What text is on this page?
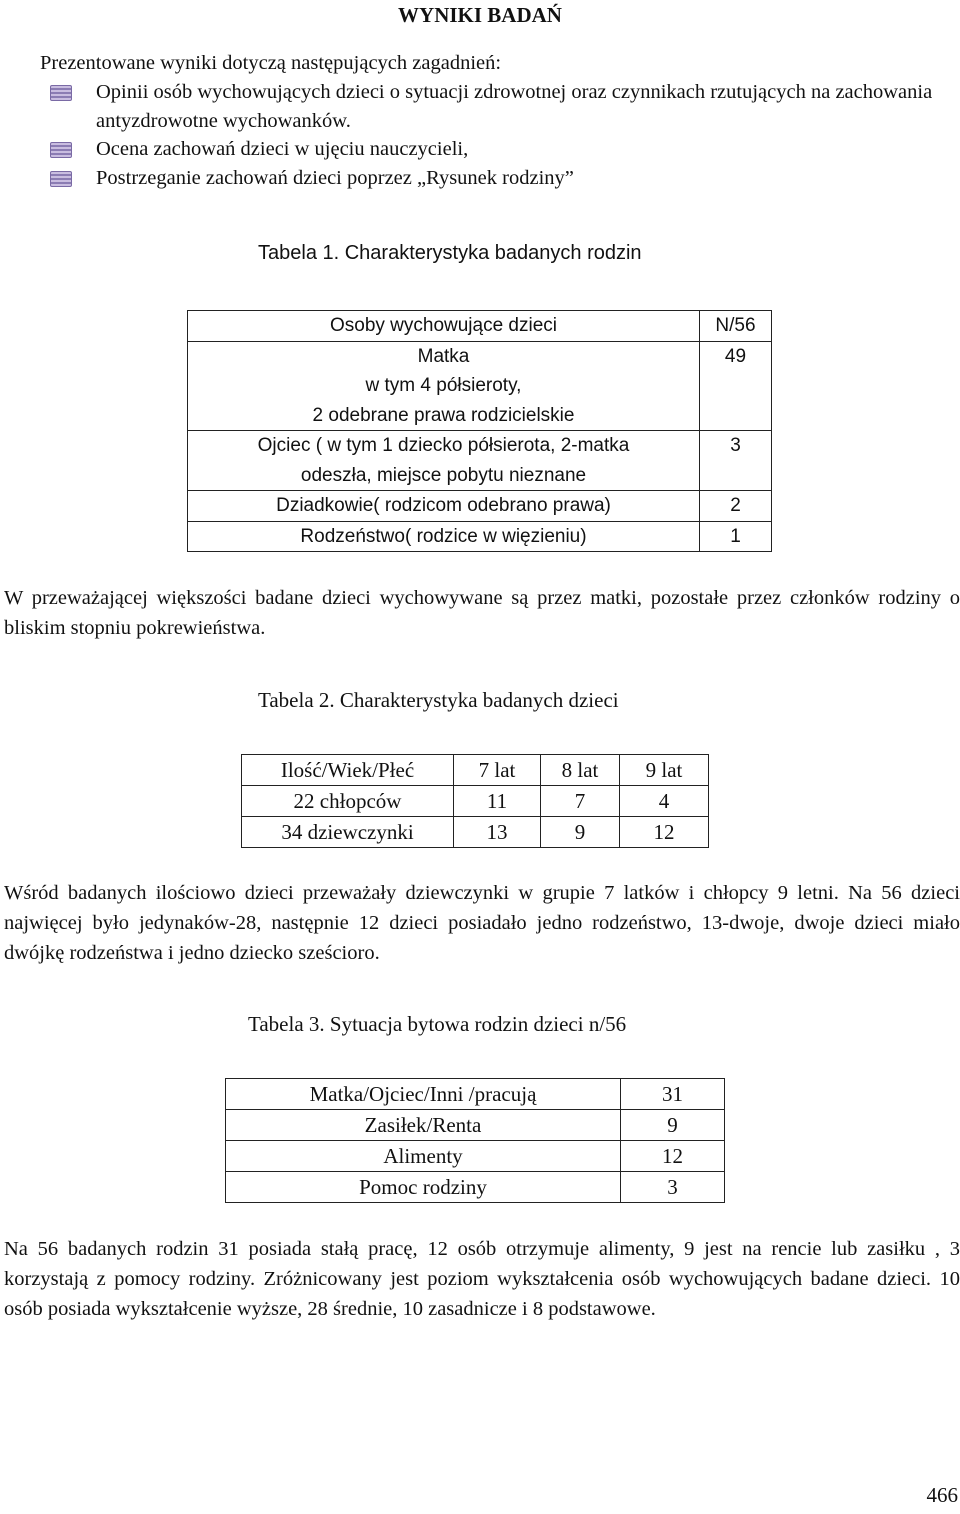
WYNIKI BADAŃ
Prezentowane wyniki dotyczą następujących zagadnień:
Opinii osób wychowujących dzieci o sytuacji zdrowotnej oraz czynnikach rzutujących na zachowania antyzdrowotne wychowanków.
Ocena zachowań dzieci w ujęciu nauczycieli,
Postrzeganie zachowań dzieci poprzez „Rysunek rodziny”
Tabela 1. Charakterystyka badanych rodzin
Osoby wychowujące dzieci	N/56

Matka
w tym 4 półsieroty,
2 odebrane prawa rodzicielskie	49

Ojciec ( w tym 1 dziecko półsierota, 2-matka
odeszła, miejsce pobytu nieznane	3

Dziadkowie( rodzicom odebrano prawa)	2

Rodzeństwo( rodzice w więzieniu)	1
W przeważającej większości badane dzieci wychowywane są przez matki, pozostałe przez członków rodziny o bliskim stopniu pokrewieństwa.
Tabela 2. Charakterystyka badanych dzieci
Ilość/Wiek/Płeć	7 lat	8 lat	9 lat
22 chłopców	11	7	4
34 dziewczynki	13	9	12
Wśród badanych ilościowo dzieci przeważały dziewczynki w grupie 7 latków i chłopcy 9 letni. Na 56 dzieci najwięcej było jedynaków-28, następnie 12 dzieci posiadało jedno rodzeństwo, 13-dwoje, dwoje dzieci miało dwójkę rodzeństwa i jedno dziecko sześcioro.
Tabela 3. Sytuacja bytowa rodzin dzieci n/56
Matka/Ojciec/Inni /pracują	31
Zasiłek/Renta	9
Alimenty	12
Pomoc rodziny	3
Na 56 badanych rodzin 31 posiada stałą pracę, 12 osób otrzymuje alimenty, 9 jest na rencie lub zasiłku , 3 korzystają z pomocy rodziny. Zróżnicowany jest poziom wykształcenia osób wychowujących badane dzieci. 10 osób posiada wykształcenie wyższe, 28 średnie, 10 zasadnicze i 8 podstawowe.
466
